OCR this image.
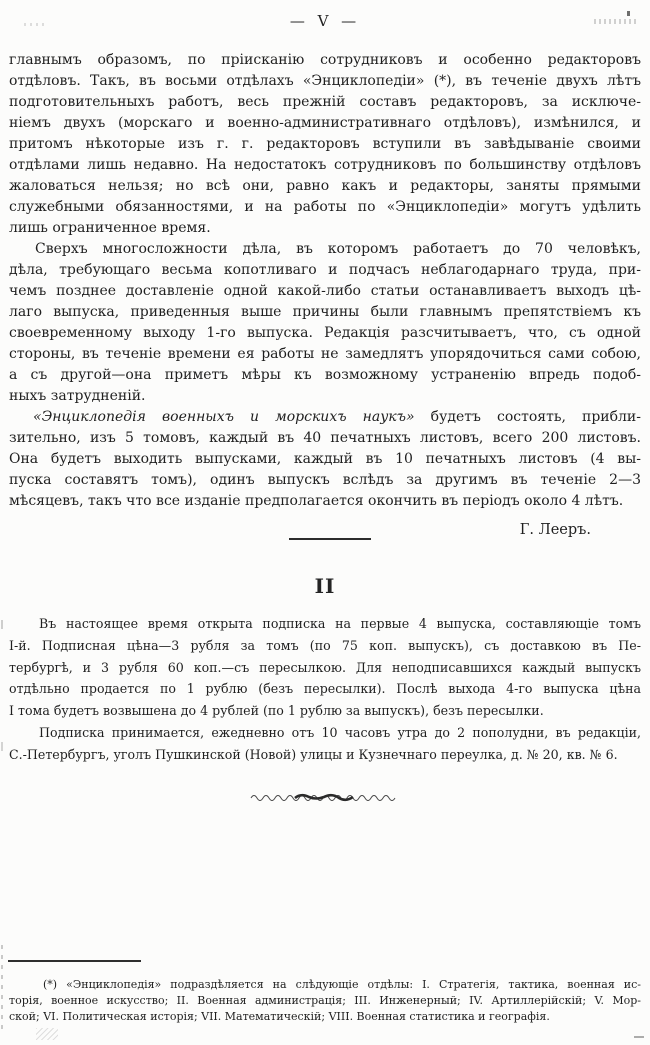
— V —
главнымъ образомъ, по пріисканію сотрудниковъ и особенно редакторовъ
отдѣловъ. Такъ, въ восьми отдѣлахъ «Энциклопедіи» (*), въ теченіе двухъ лѣтъ
подготовительныхъ работъ, весь прежній составъ редакторовъ, за исключе-
ніемъ двухъ (морскаго и военно-административнаго отдѣловъ), измѣнился, и
притомъ нѣкоторые изъ г. г. редакторовъ вступили въ завѣдываніе своими
отдѣлами лишь недавно. На недостатокъ сотрудниковъ по большинству отдѣловъ
жаловаться нельзя; но всѣ они, равно какъ и редакторы, заняты прямыми
служебными обязанностями, и на работы по «Энциклопедіи» могутъ удѣлить
лишь ограниченное время.
Сверхъ многосложности дѣла, въ которомъ работаетъ до 70 человѣкъ,
дѣла, требующаго весьма копотливаго и подчасъ неблагодарнаго труда, при-
чемъ позднее доставленіе одной какой-либо статьи останавливаетъ выходъ цѣ-
лаго выпуска, приведенныя выше причины были главнымъ препятствіемъ къ
своевременному выходу 1-го выпуска. Редакція разсчитываетъ, что, съ одной
стороны, въ теченіе времени ея работы не замедлятъ упорядочиться сами собою,
а съ другой—она приметъ мѣры къ возможному устраненію впредь подоб-
ныхъ затрудненій.
«Энциклопедія военныхъ и морскихъ наукъ» будетъ состоять, прибли-
зительно, изъ 5 томовъ, каждый въ 40 печатныхъ листовъ, всего 200 листовъ.
Она будетъ выходить выпусками, каждый въ 10 печатныхъ листовъ (4 вы-
пуска составятъ томъ), одинъ выпускъ вслѣдъ за другимъ въ теченіе 2—3
мѣсяцевъ, такъ что все изданіе предполагается окончить въ періодъ около 4 лѣтъ.
Г. Лееръ.
II
Въ настоящее время открыта подписка на первые 4 выпуска, составляющіе томъ
I-й. Подписная цѣна—3 рубля за томъ (по 75 коп. выпускъ), съ доставкою въ Пе-
тербургѣ, и 3 рубля 60 коп.—съ пересылкою. Для неподписавшихся каждый выпускъ
отдѣльно продается по 1 рублю (безъ пересылки). Послѣ выхода 4-го выпуска цѣна
I тома будетъ возвышена до 4 рублей (по 1 рублю за выпускъ), безъ пересылки.
Подписка принимается, ежедневно отъ 10 часовъ утра до 2 пополудни, въ редакціи,
С.-Петербургъ, уголъ Пушкинской (Новой) улицы и Кузнечнаго переулка, д. № 20, кв. № 6.
(*) «Энциклопедія» подраздѣляется на слѣдующіе отдѣлы: I. Стратегія, тактика, военная ис-
торія, военное искусство; II. Военная администрація; III. Инженерный; IV. Артиллерійскій; V. Мор-
ской; VI. Политическая исторія; VII. Математическій; VIII. Военная статистика и географія.
